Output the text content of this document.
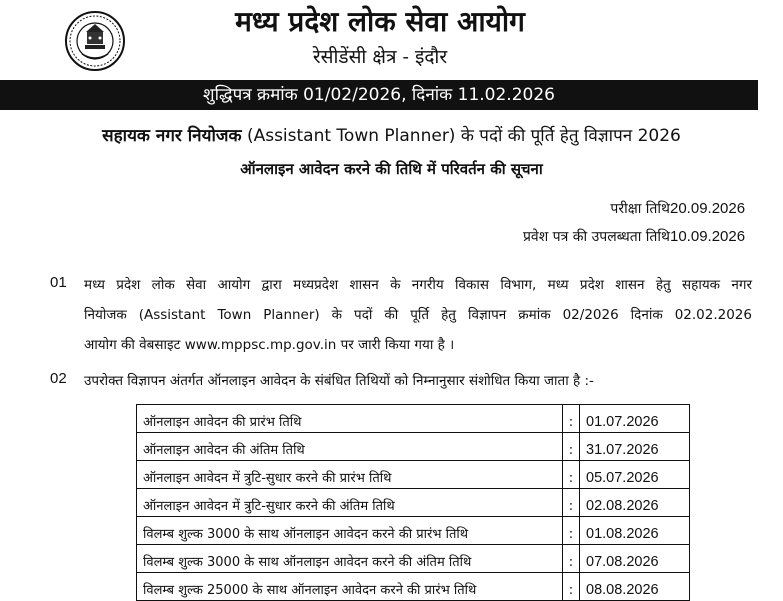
मध्य प्रदेश लोक सेवा आयोग
रेसीडेंसी क्षेत्र - इंदौर
शुद्धिपत्र क्रमांक 01/02/2026, दिनांक 11.02.2026
सहायक नगर नियोजक (Assistant Town Planner) के पदों की पूर्ति हेतु विज्ञापन 2026
ऑनलाइन आवेदन करने की तिथि में परिवर्तन की सूचना
परीक्षा तिथि 20.09.2026
प्रवेश पत्र की उपलब्धता तिथि 10.09.2026
01 मध्य प्रदेश लोक सेवा आयोग द्वारा मध्यप्रदेश शासन के नगरीय विकास विभाग, मध्य प्रदेश शासन हेतु सहायक नगर
नियोजक (Assistant Town Planner) के पदों की पूर्ति हेतु विज्ञापन क्रमांक 02/2026 दिनांक 02.02.2026
आयोग की वेबसाइट www.mppsc.mp.gov.in पर जारी किया गया है ।
02 उपरोक्त विज्ञापन अंतर्गत ऑनलाइन आवेदन के संबंधित तिथियों को निम्नानुसार संशोधित किया जाता है :-
ऑनलाइन आवेदन की प्रारंभ तिथि	:	01.07.2026
ऑनलाइन आवेदन की अंतिम तिथि	:	31.07.2026
ऑनलाइन आवेदन में त्रुटि-सुधार करने की प्रारंभ तिथि	:	05.07.2026
ऑनलाइन आवेदन में त्रुटि-सुधार करने की अंतिम तिथि	:	02.08.2026
विलम्ब शुल्क 3000 के साथ ऑनलाइन आवेदन करने की प्रारंभ तिथि	:	01.08.2026
विलम्ब शुल्क 3000 के साथ ऑनलाइन आवेदन करने की अंतिम तिथि	:	07.08.2026
विलम्ब शुल्क 25000 के साथ ऑनलाइन आवेदन करने की प्रारंभ तिथि	:	08.08.2026
